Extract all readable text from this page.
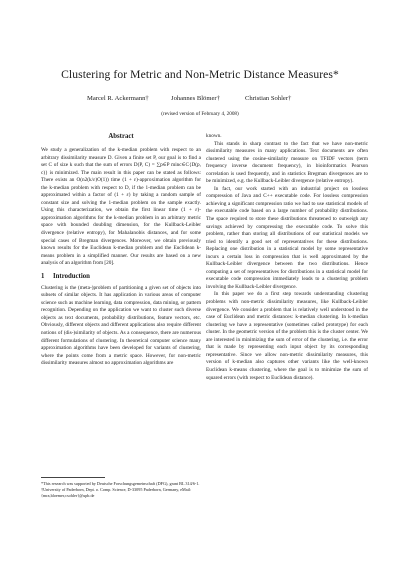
Clustering for Metric and Non-Metric Distance Measures*
Marcel R. Ackermann†	Johannes Blömer†	Christian Sohler†
(revised version of February 4, 2008)
Abstract

We study a generalization of the k-median problem with respect to an arbitrary dissimilarity measure D. Given a finite set P, our goal is to find a set C of size k such that the sum of errors D(P, C) = ∑p∈P minc∈C{D(p, c)} is minimized. The main result in this paper can be stated as follows: There exists an O(n2(k/ε)O(1)) time (1 + ε)-approximation algorithm for the k-median problem with respect to D, if the 1-median problem can be approximated within a factor of (1 + ε) by taking a random sample of constant size and solving the 1-median problem on the sample exactly. Using this characterization, we obtain the first linear time (1 + ε)-approximation algorithms for the k-median problem in an arbitrary metric space with bounded doubling dimension, for the Kullback-Leibler divergence (relative entropy), for Mahalanobis distances, and for some special cases of Bregman divergences. Moreover, we obtain previously known results for the Euclidean k-median problem and the Euclidean k-means problem in a simplified manner. Our results are based on a new analysis of an algorithm from [20].

1 Introduction

Clustering is the (meta-)problem of partitioning a given set of objects into subsets of similar objects. It has application in various areas of computer science such as machine learning, data compression, data mining, or pattern recognition. Depending on the application we want to cluster such diverse objects as text documents, probability distributions, feature vectors, etc. Obviously, different objects and different applications also require different notions of (dis-)similarity of objects. As a consequence, there are numerous different formulations of clustering. In theoretical computer science many approximation algorithms have been developed for variants of clustering, where the points come from a metric space. However, for non-metric dissimilarity measures almost no approximation algorithms are

*This research was supported by Deutsche Forschungsgemeinschaft (DFG), grant BL 314/6-1.

†University of Paderborn, Dept. o. Comp. Science, D-33095 Paderborn, Germany, eMail: {mra,bloemer,csohler}@upb.de

known.

This stands in sharp contrast to the fact that we have non-metric dissimilarity measures in many applications. Text documents are often clustered using the cosine-similarity measure on TFIDF vectors (term frequency inverse document frequency), in bioinformatics Pearson correlation is used frequently, and in statistics Bregman divergences are to be minimized, e.g. the Kullback-Leibler divergence (relative entropy).

In fact, our work started with an industrial project on lossless compression of Java and C++ executable code. For lossless compression achieving a significant compression ratio we had to use statistical models of the executable code based on a large number of probability distributions. The space required to store these distributions threatened to outweigh any savings achieved by compressing the executable code. To solve this problem, rather than storing all distributions of our statistical models we tried to identify a good set of representatives for these distributions. Replacing one distribution in a statistical model by some representative incurs a certain loss in compression that is well approximated by the Kullback-Leibler divergence between the two distributions. Hence computing a set of representatives for distributions in a statistical model for executable code compression immediately leads to a clustering problem involving the Kullback-Leibler divergence.

In this paper we do a first step towards understanding clustering problems with non-metric dissimilarity measures, like Kullback-Leibler divergence. We consider a problem that is relatively well understood in the case of Euclidean and metric distances: k-median clustering. In k-median clustering we have a representative (sometimes called prototype) for each cluster. In the geometric version of the problem this is the cluster center. We are interested in minimizing the sum of error of the clustering, i.e. the error that is made by representing each input object by its corresponding representative. Since we allow non-metric dissimilarity measures, this version of k-median also captures other variants like the well-known Euclidean k-means clustering, where the goal is to minimize the sum of squared errors (with respect to Euclidean distance).
